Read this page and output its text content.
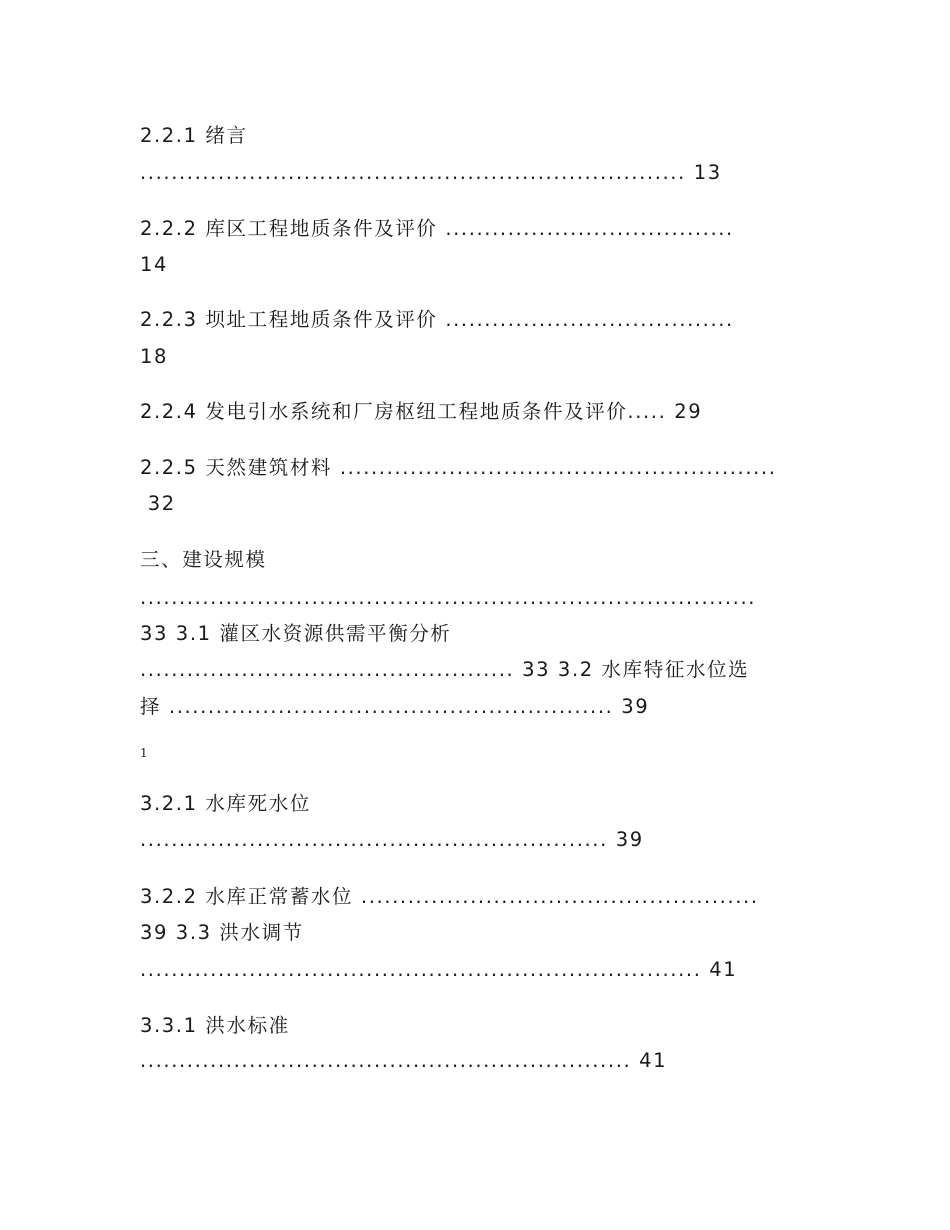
2.2.1 绪言

...................................................................... 13

2.2.2 库区工程地质条件及评价 .....................................

14

2.2.3 坝址工程地质条件及评价 .....................................

18

2.2.4 发电引水系统和厂房枢纽工程地质条件及评价..... 29

2.2.5 天然建筑材料 ........................................................

32

三、建设规模

...............................................................................

33 3.1 灌区水资源供需平衡分析

................................................ 33 3.2 水库特征水位选

择 ......................................................... 39

1

3.2.1 水库死水位

............................................................ 39

3.2.2 水库正常蓄水位 ...................................................

39 3.3 洪水调节

........................................................................ 41

3.3.1 洪水标准

............................................................... 41
